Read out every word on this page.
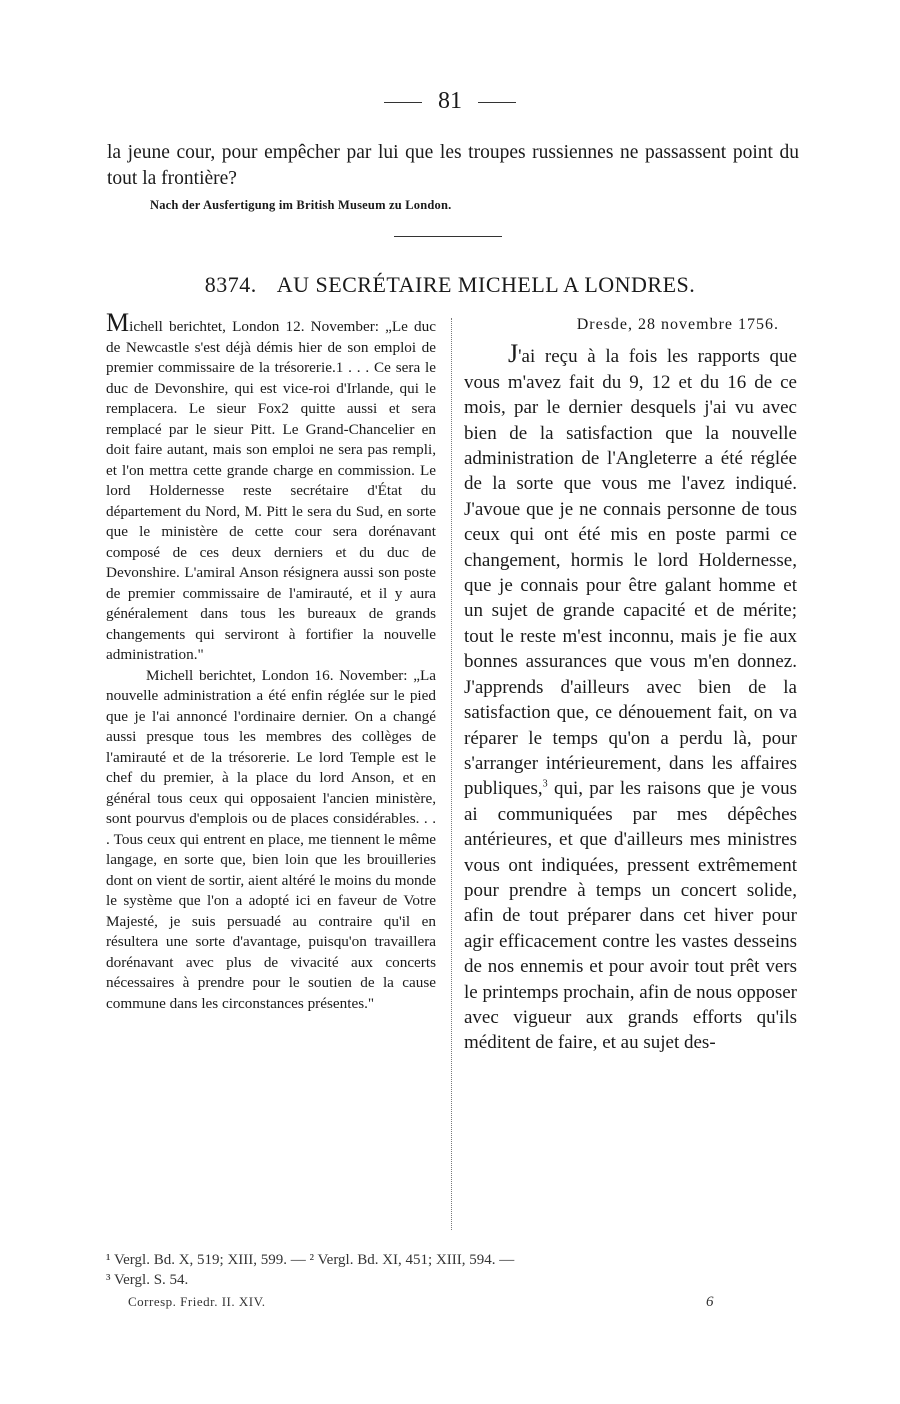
81
la jeune cour, pour empêcher par lui que les troupes russiennes ne passassent point du tout la frontière?
Nach der Ausfertigung im British Museum zu London.
8374. AU SECRÉTAIRE MICHELL A LONDRES.

Michell berichtet, London 12. November: „Le duc de Newcastle s'est déjà démis hier de son emploi de premier commissaire de la trésorerie.1 . . . Ce sera le duc de Devonshire, qui est vice-roi d'Irlande, qui le remplacera. Le sieur Fox2 quitte aussi et sera remplacé par le sieur Pitt. Le Grand-Chancelier en doit faire autant, mais son emploi ne sera pas rempli, et l'on mettra cette grande charge en commission. Le lord Holdernesse reste secrétaire d'État du département du Nord, M. Pitt le sera du Sud, en sorte que le ministère de cette cour sera dorénavant composé de ces deux derniers et du duc de Devonshire. L'amiral Anson résignera aussi son poste de premier commissaire de l'amirauté, et il y aura généralement dans tous les bureaux de grands changements qui serviront à fortifier la nouvelle administration."

Michell berichtet, London 16. November: „La nouvelle administration a été enfin réglée sur le pied que je l'ai annoncé l'ordinaire dernier. On a changé aussi presque tous les membres des collèges de l'amirauté et de la trésorerie. Le lord Temple est le chef du premier, à la place du lord Anson, et en général tous ceux qui opposaient l'ancien ministère, sont pourvus d'emplois ou de places considérables. . . . Tous ceux qui entrent en place, me tiennent le même langage, en sorte que, bien loin que les brouilleries dont on vient de sortir, aient altéré le moins du monde le système que l'on a adopté ici en faveur de Votre Majesté, je suis persuadé au contraire qu'il en résultera une sorte d'avantage, puisqu'on travaillera dorénavant avec plus de vivacité aux concerts nécessaires à prendre pour le soutien de la cause commune dans les circonstances présentes."

Dresde, 28 novembre 1756.

J'ai reçu à la fois les rapports que vous m'avez fait du 9, 12 et du 16 de ce mois, par le dernier desquels j'ai vu avec bien de la satisfaction que la nouvelle administration de l'Angleterre a été réglée de la sorte que vous me l'avez indiqué. J'avoue que je ne connais personne de tous ceux qui ont été mis en poste parmi ce changement, hormis le lord Holdernesse, que je connais pour être galant homme et un sujet de grande capacité et de mérite; tout le reste m'est inconnu, mais je fie aux bonnes assurances que vous m'en donnez. J'apprends d'ailleurs avec bien de la satisfaction que, ce dénouement fait, on va réparer le temps qu'on a perdu là, pour s'arranger intérieurement, dans les affaires publiques,$^3$ qui, par les raisons que je vous ai communiquées par mes dépêches antérieures, et que d'ailleurs mes ministres vous ont indiquées, pressent extrêmement pour prendre à temps un concert solide, afin de tout préparer dans cet hiver pour agir efficacement contre les vastes desseins de nos ennemis et pour avoir tout prêt vers le printemps prochain, afin de nous opposer avec vigueur aux grands efforts qu'ils méditent de faire, et au sujet des-

¹ Vergl. Bd. X, 519; XIII, 599. — ² Vergl. Bd. XI, 451; XIII, 594. —

³ Vergl. S. 54.

Corresp. Friedr. II. XIV.	6
